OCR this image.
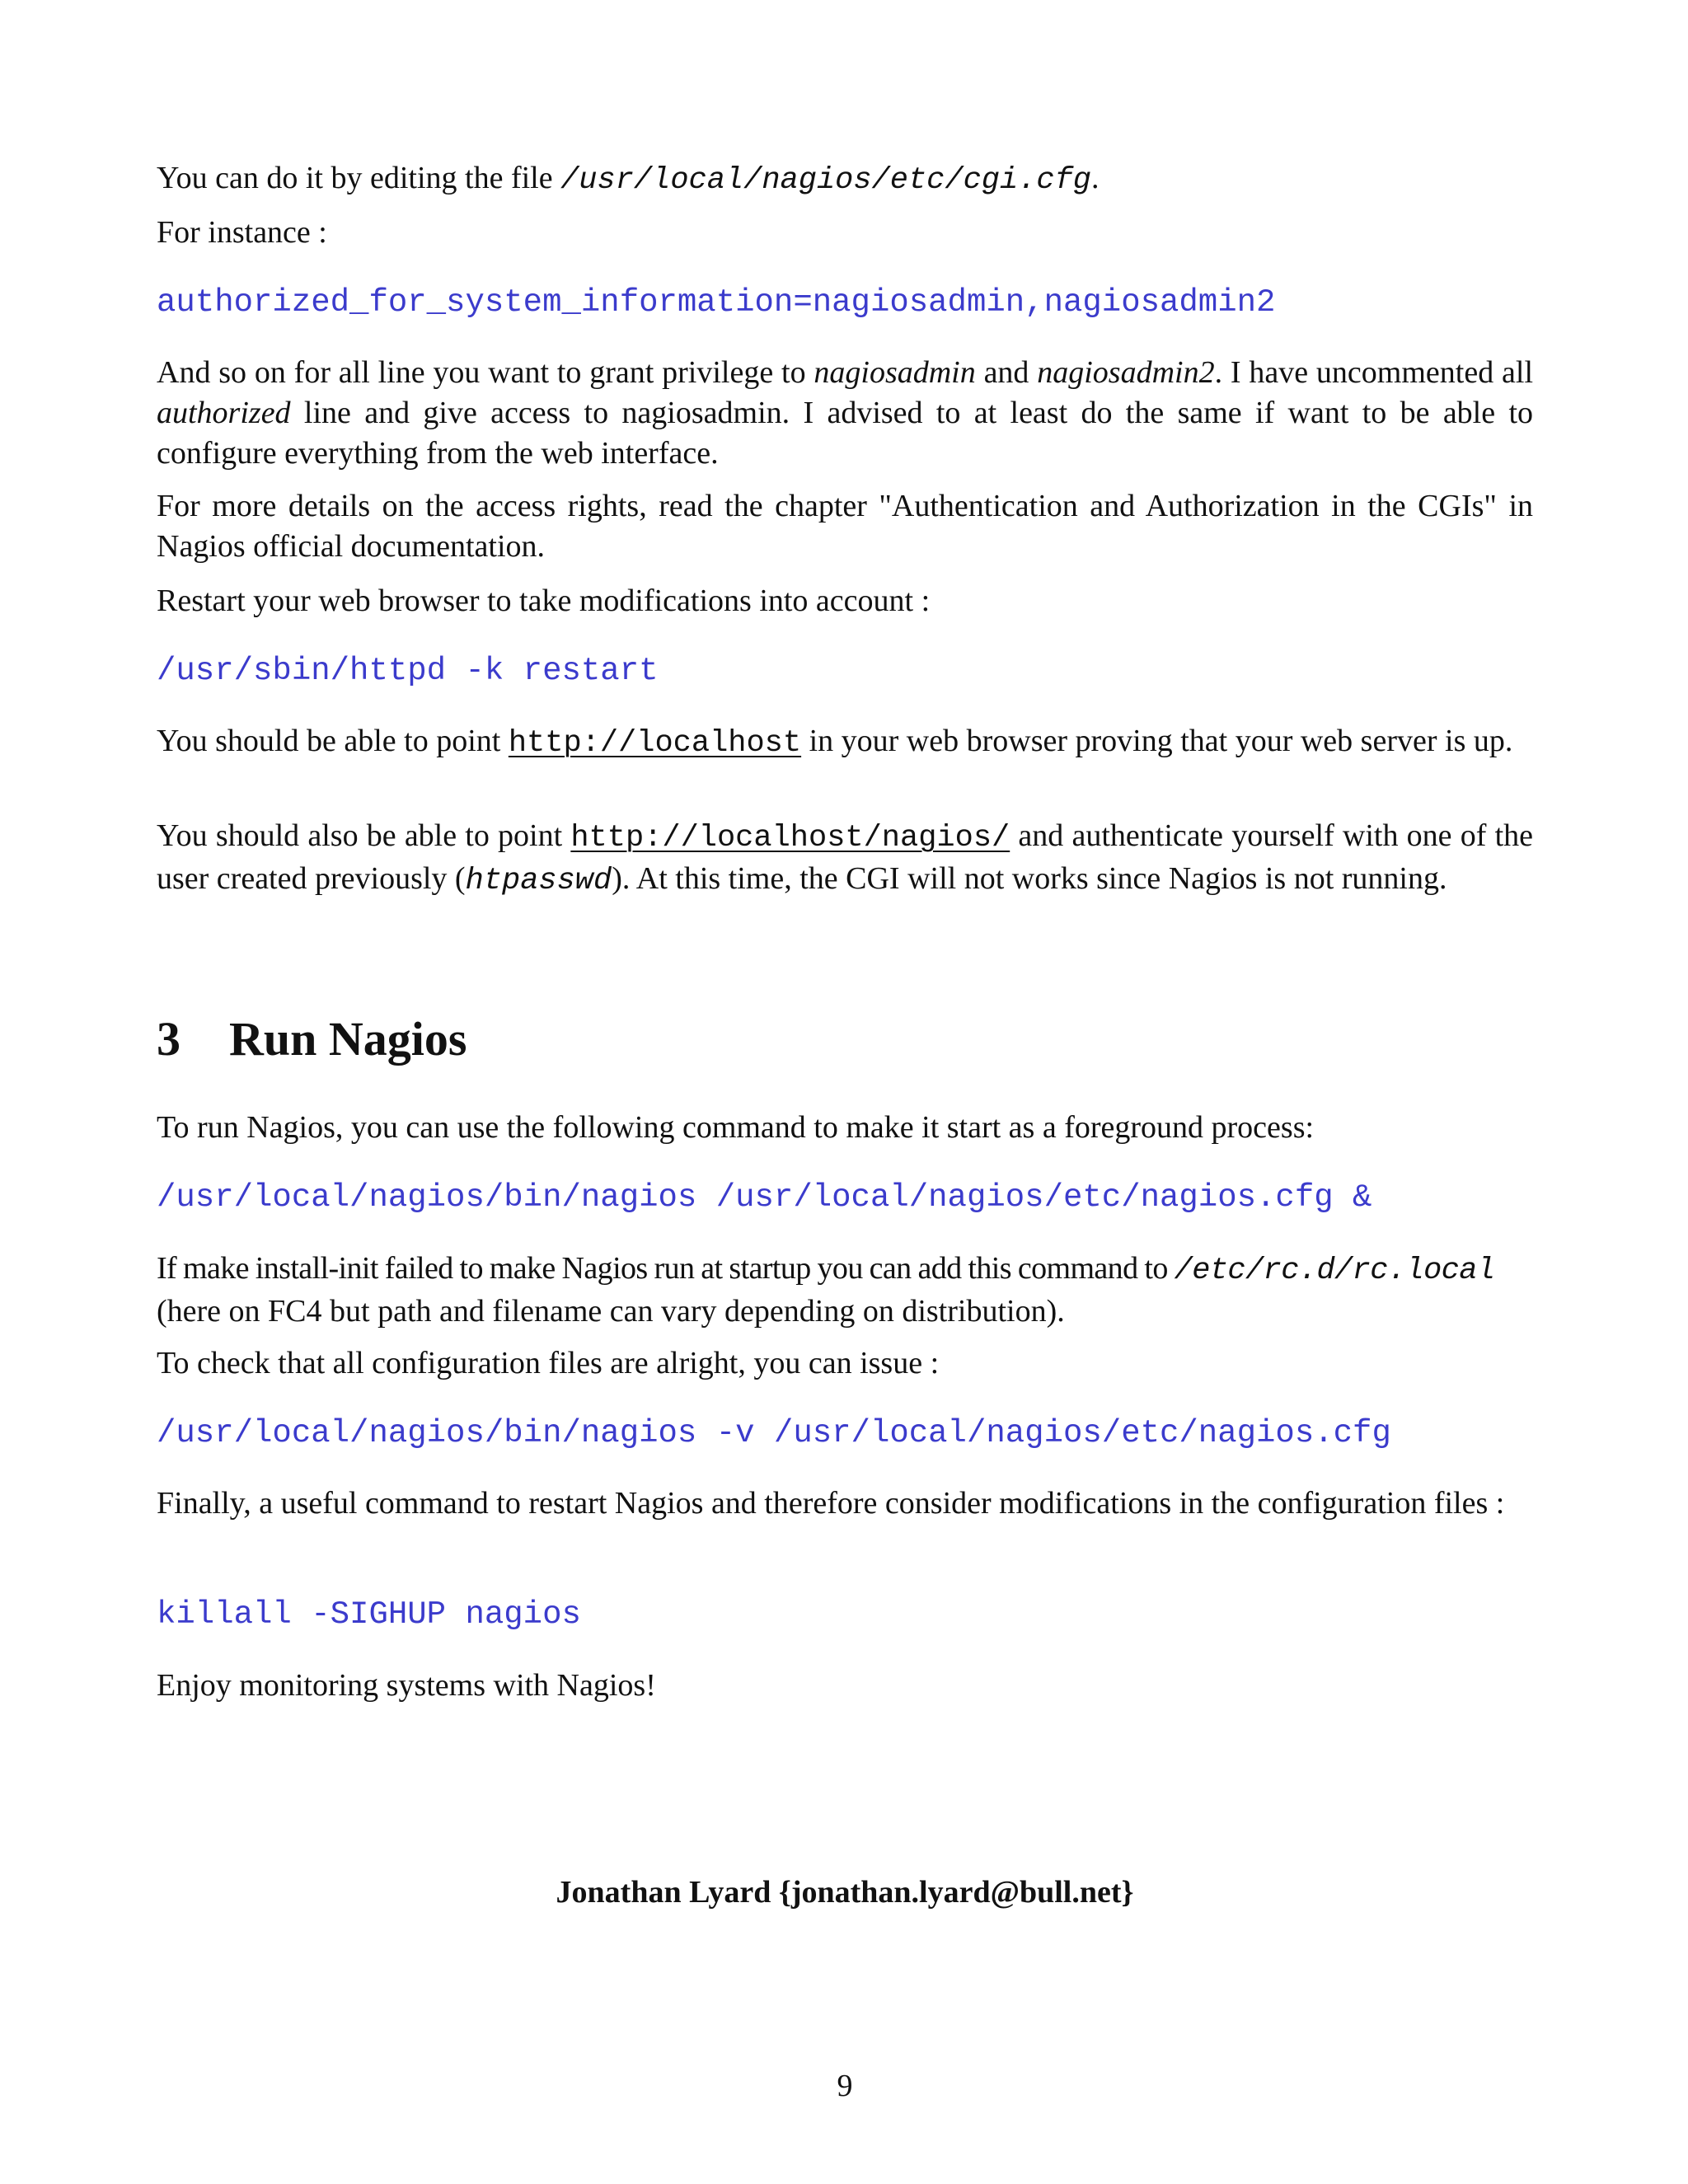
You can do it by editing the file /usr/local/nagios/etc/cgi.cfg.

For instance :

authorized_for_system_information=nagiosadmin,nagiosadmin2

And so on for all line you want to grant privilege to nagiosadmin and nagiosadmin2. I have uncommented all authorized line and give access to nagiosadmin. I advised to at least do the same if want to be able to configure everything from the web interface.

For more details on the access rights, read the chapter "Authentication and Authorization in the CGIs" in Nagios official documentation.

Restart your web browser to take modifications into account :

/usr/sbin/httpd -k restart

You should be able to point http://localhost in your web browser proving that your web server is up.

You should also be able to point http://localhost/nagios/ and authenticate yourself with one of the user created previously (htpasswd). At this time, the CGI will not works since Nagios is not running.

3 Run Nagios

To run Nagios, you can use the following command to make it start as a foreground process:

/usr/local/nagios/bin/nagios /usr/local/nagios/etc/nagios.cfg &

If make install-init failed to make Nagios run at startup you can add this command to /etc/rc.d/rc.local (here on FC4 but path and filename can vary depending on distribution).

To check that all configuration files are alright, you can issue :

/usr/local/nagios/bin/nagios -v /usr/local/nagios/etc/nagios.cfg

Finally, a useful command to restart Nagios and therefore consider modifications in the configuration files :

killall -SIGHUP nagios

Enjoy monitoring systems with Nagios!

Jonathan Lyard {jonathan.lyard@bull.net}

9
